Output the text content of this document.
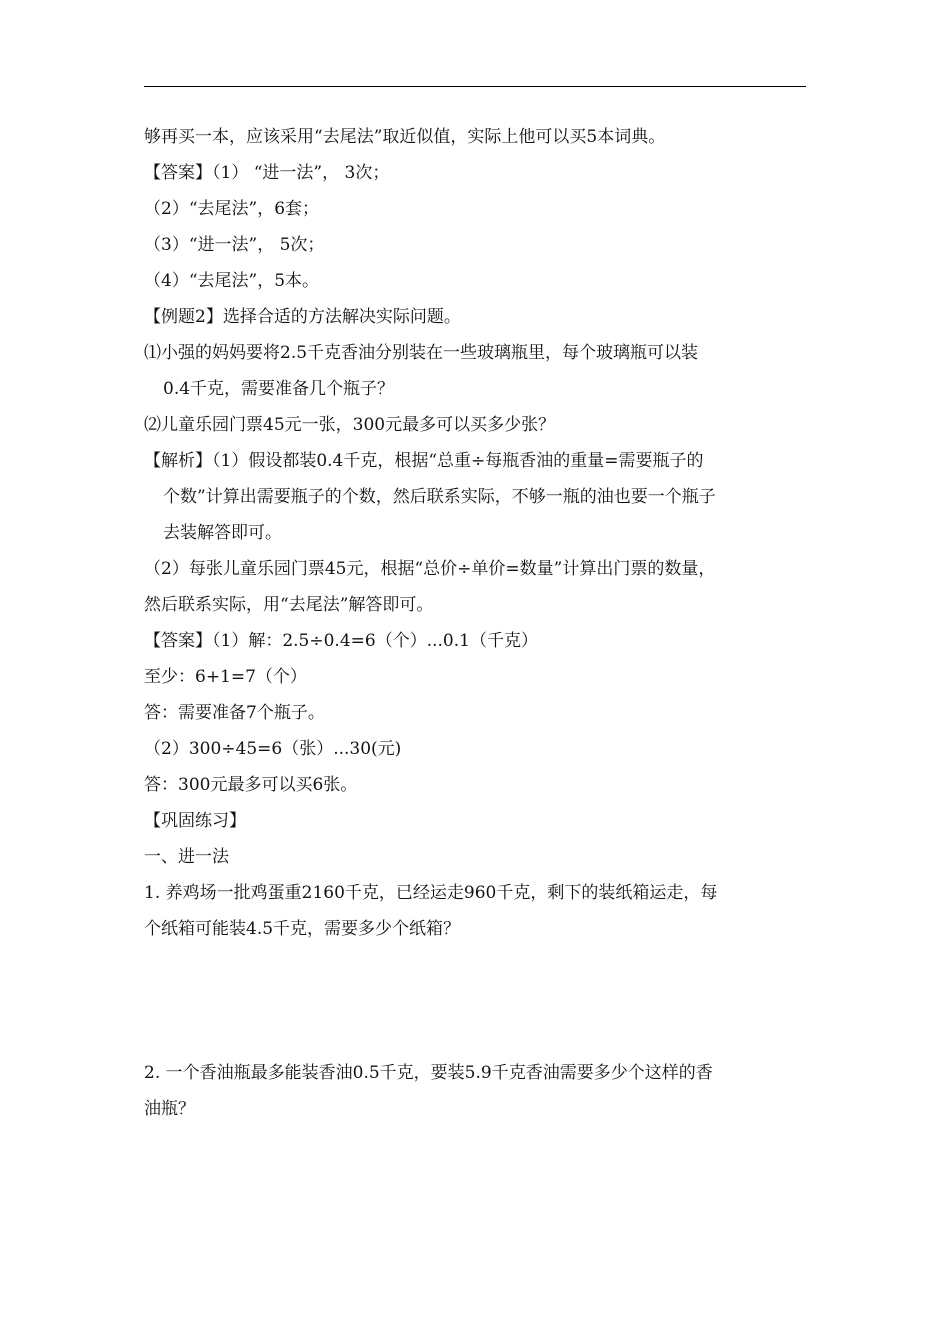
够再买一本，应该采用“去尾法”取近似值，实际上他可以买5本词典。
【答案】（1） “进一法”， 3次；
（2）“去尾法”，6套；
（3）“进一法”， 5次；
（4）“去尾法”，5本。
【例题2】选择合适的方法解决实际问题。
⑴小强的妈妈要将2.5千克香油分别装在一些玻璃瓶里，每个玻璃瓶可以装
0.4千克，需要准备几个瓶子？
⑵儿童乐园门票45元一张，300元最多可以买多少张？
【解析】（1）假设都装0.4千克，根据“总重÷每瓶香油的重量=需要瓶子的
个数”计算出需要瓶子的个数，然后联系实际，不够一瓶的油也要一个瓶子
去装解答即可。
（2）每张儿童乐园门票45元，根据“总价÷单价=数量”计算出门票的数量，
然后联系实际，用“去尾法”解答即可。
【答案】（1）解：2.5÷0.4=6（个）...0.1（千克）
至少：6+1=7（个）
答：需要准备7个瓶子。
（2）300÷45=6（张）...30(元)
答：300元最多可以买6张。
【巩固练习】
一、进一法
1. 养鸡场一批鸡蛋重2160千克，已经运走960千克，剩下的装纸箱运走，每
个纸箱可能装4.5千克，需要多少个纸箱？
2. 一个香油瓶最多能装香油0.5千克，要装5.9千克香油需要多少个这样的香
油瓶？
